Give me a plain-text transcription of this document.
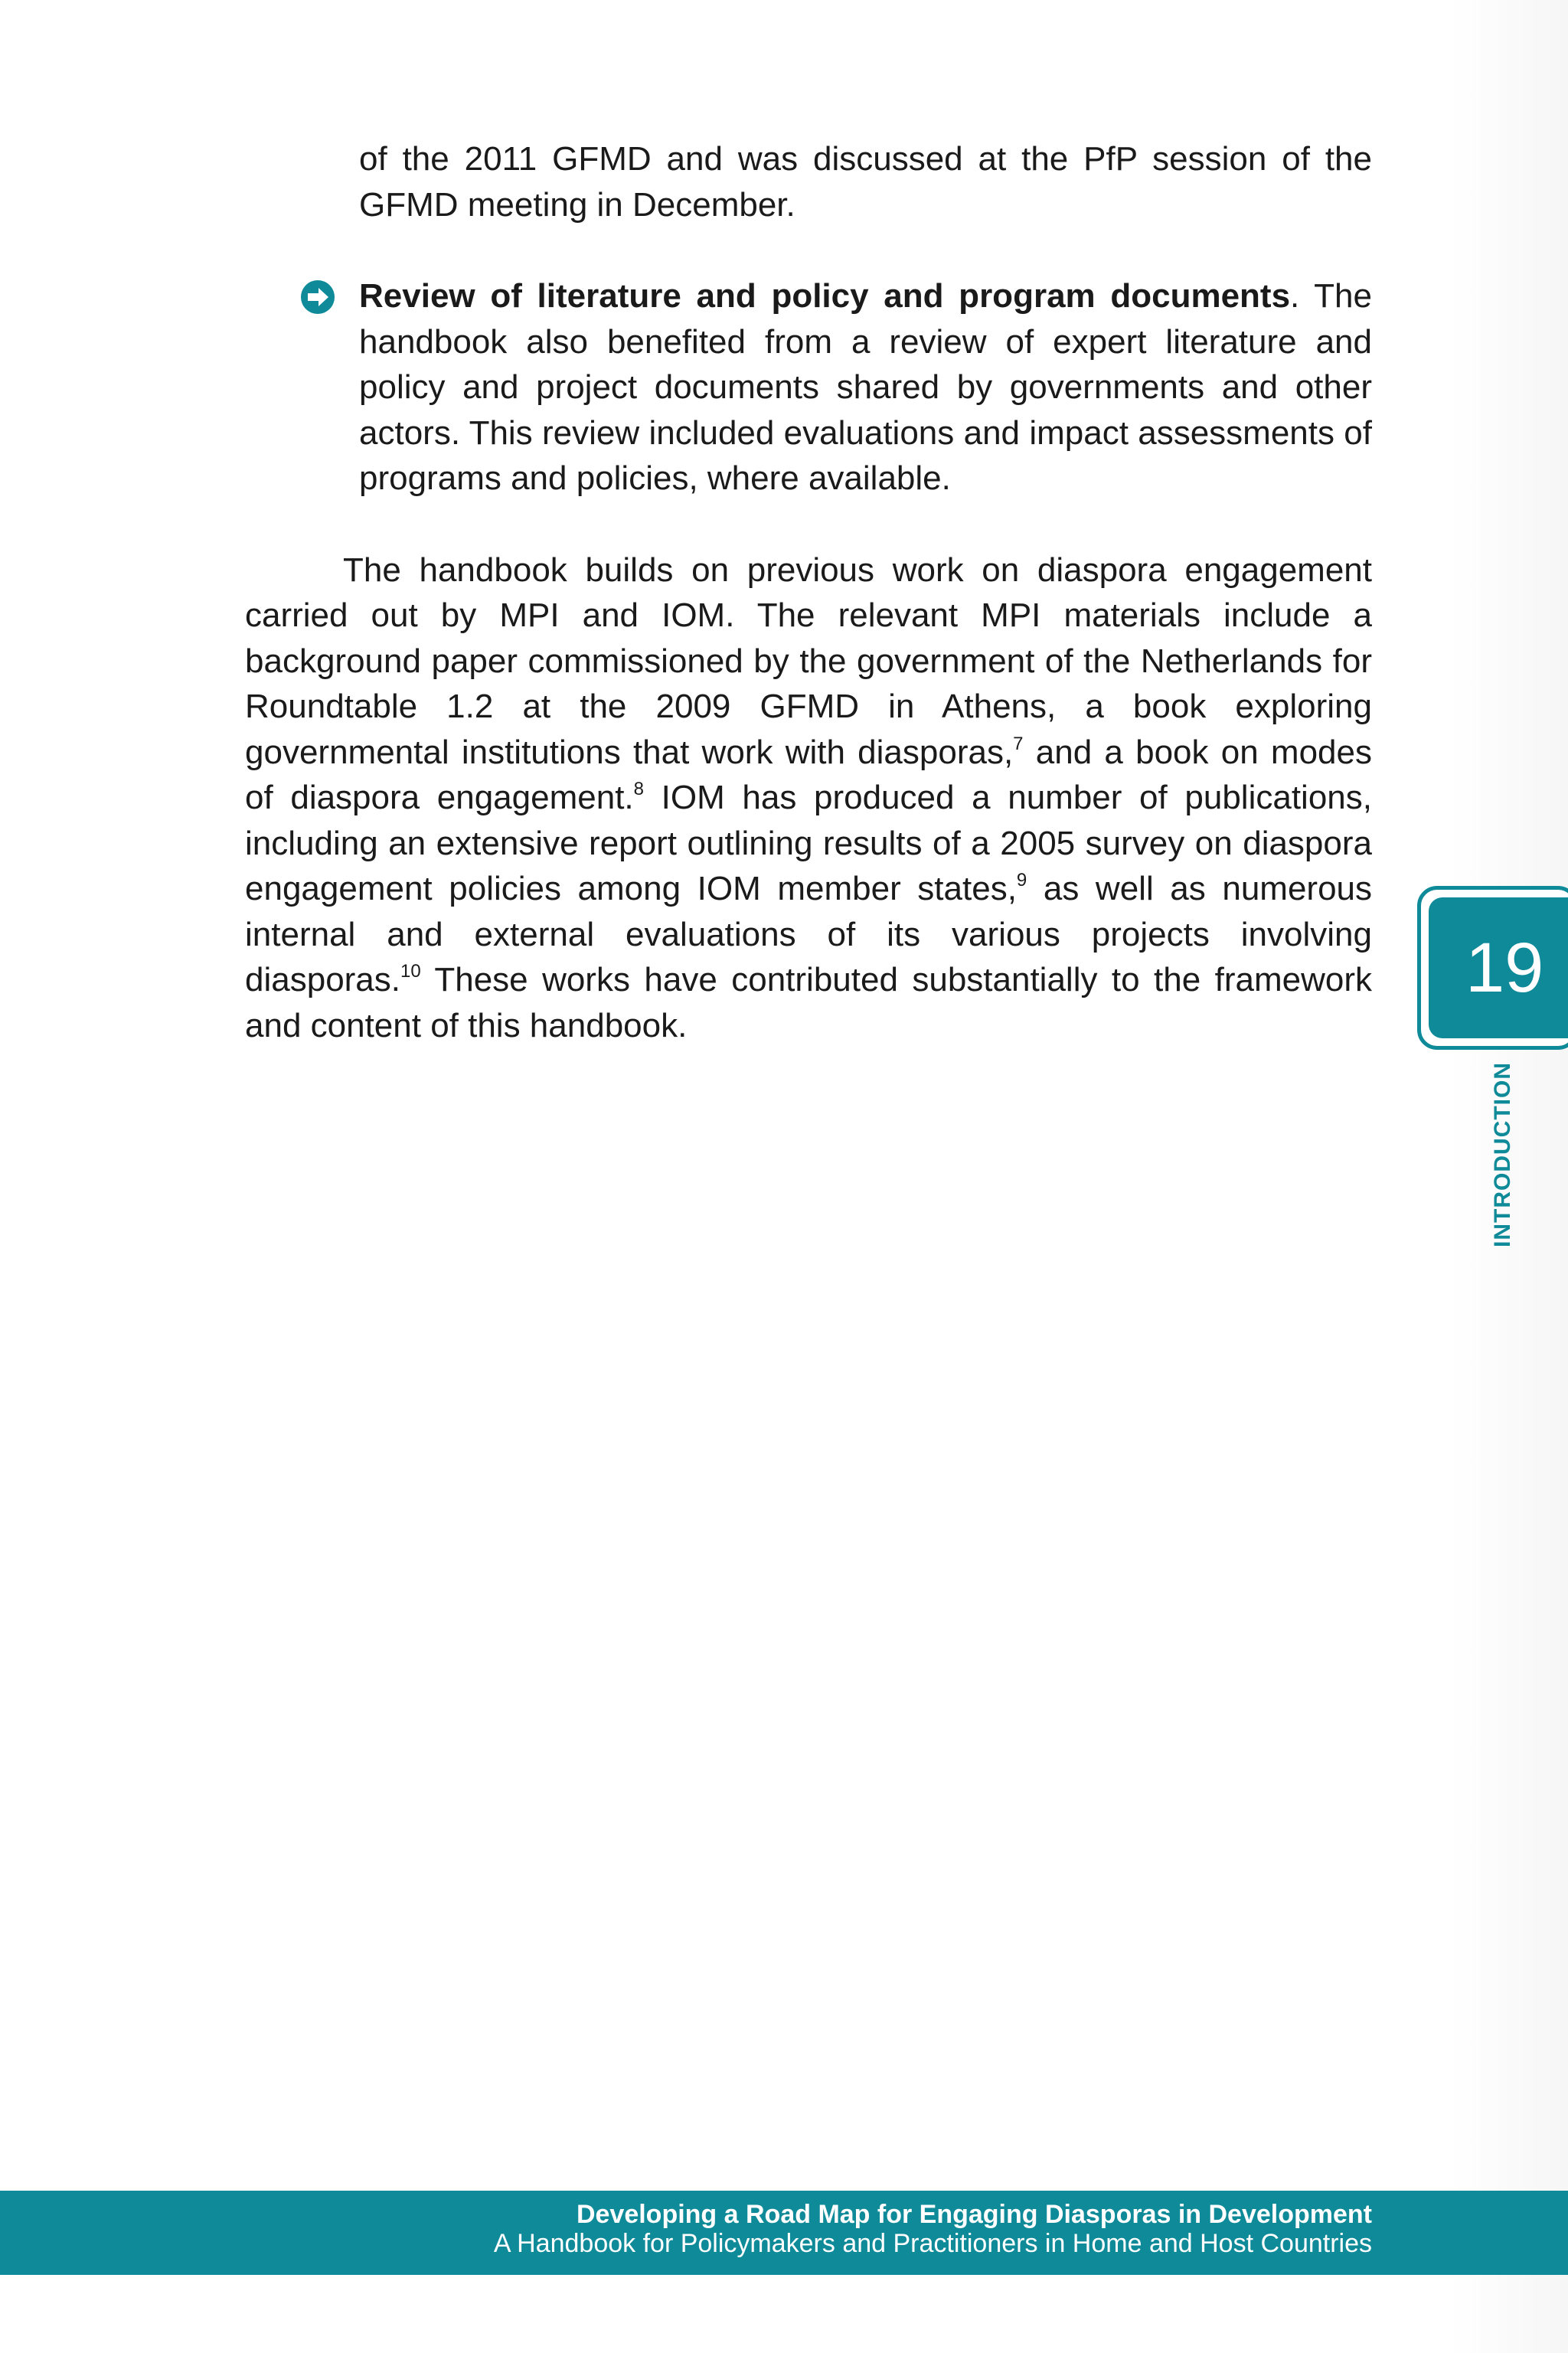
of the 2011 GFMD and was discussed at the PfP session of the GFMD meeting in December.

Review of literature and policy and program documents. The handbook also benefited from a review of expert literature and policy and project documents shared by governments and other actors. This review included evaluations and impact assessments of programs and policies, where available.

The handbook builds on previous work on diaspora engagement carried out by MPI and IOM. The relevant MPI materials include a background paper commissioned by the government of the Netherlands for Roundtable 1.2 at the 2009 GFMD in Athens, a book exploring governmental institutions that work with diasporas,$^7$ and a book on modes of diaspora engagement.$^8$ IOM has produced a number of publications, including an extensive report outlining results of a 2005 survey on diaspora engagement policies among IOM member states,$^9$ as well as numerous internal and external evaluations of its various projects involving diasporas.$^{10}$ These works have contributed substantially to the framework and content of this handbook.

19
INTRODUCTION
Developing a Road Map for Engaging Diasporas in Development
A Handbook for Policymakers and Practitioners in Home and Host Countries
